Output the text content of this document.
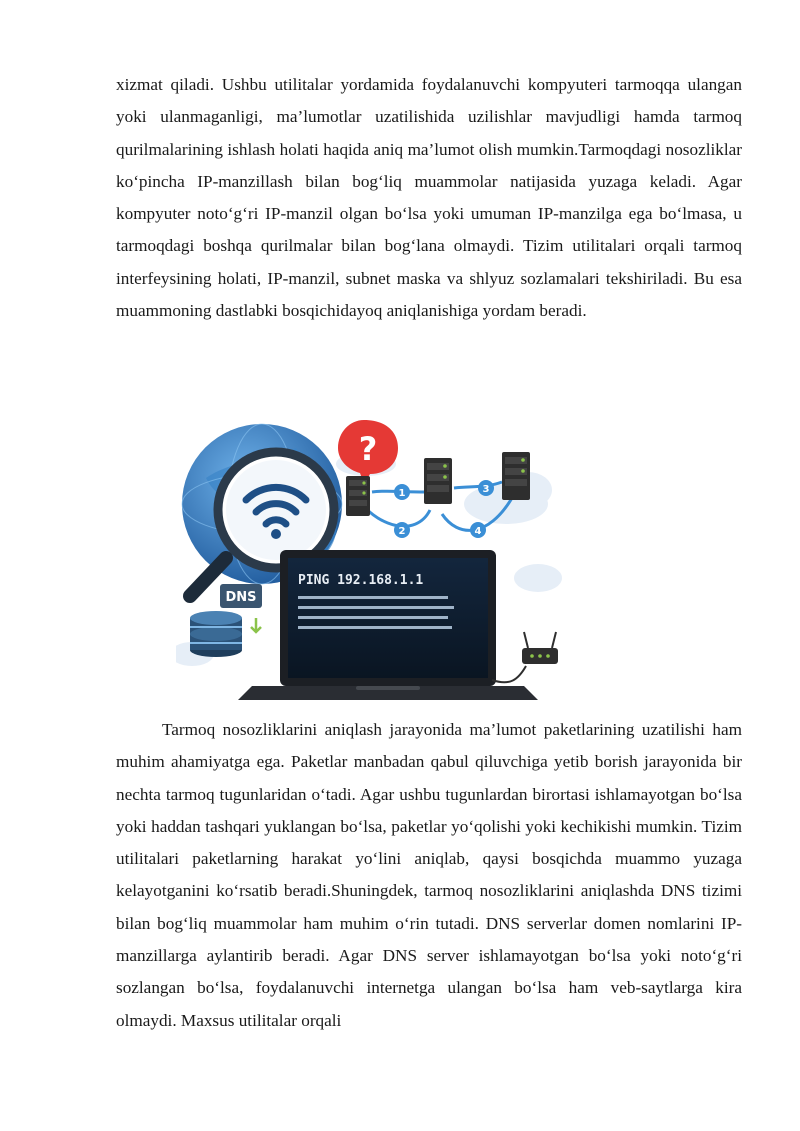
xizmat qiladi. Ushbu utilitalar yordamida foydalanuvchi kompyuteri tarmoqqa ulangan yoki ulanmaganligi, ma’lumotlar uzatilishida uzilishlar mavjudligi hamda tarmoq qurilmalarining ishlash holati haqida aniq ma’lumot olish mumkin.Tarmoqdagi nosozliklar ko‘pincha IP-manzillash bilan bog‘liq muammolar natijasida yuzaga keladi. Agar kompyuter noto‘g‘ri IP-manzil olgan bo‘lsa yoki umuman IP-manzilga ega bo‘lmasa, u tarmoqdagi boshqa qurilmalar bilan bog‘lana olmaydi. Tizim utilitalari orqali tarmoq interfeysining holati, IP-manzil, subnet maska va shlyuz sozlamalari tekshiriladi. Bu esa muammoning dastlabki bosqichidayoq aniqlanishiga yordam beradi.

?
1
2
3
4
DNS
PING 192.168.1.1

Tarmoq nosozliklarini aniqlash jarayonida ma’lumot paketlarining uzatilishi ham muhim ahamiyatga ega. Paketlar manbadan qabul qiluvchiga yetib borish jarayonida bir nechta tarmoq tugunlaridan o‘tadi. Agar ushbu tugunlardan birortasi ishlamayotgan bo‘lsa yoki haddan tashqari yuklangan bo‘lsa, paketlar yo‘qolishi yoki kechikishi mumkin. Tizim utilitalari paketlarning harakat yo‘lini aniqlab, qaysi bosqichda muammo yuzaga kelayotganini ko‘rsatib beradi.Shuningdek, tarmoq nosozliklarini aniqlashda DNS tizimi bilan bog‘liq muammolar ham muhim o‘rin tutadi. DNS serverlar domen nomlarini IP-manzillarga aylantirib beradi. Agar DNS server ishlamayotgan bo‘lsa yoki noto‘g‘ri sozlangan bo‘lsa, foydalanuvchi internetga ulangan bo‘lsa ham veb-saytlarga kira olmaydi. Maxsus utilitalar orqali
